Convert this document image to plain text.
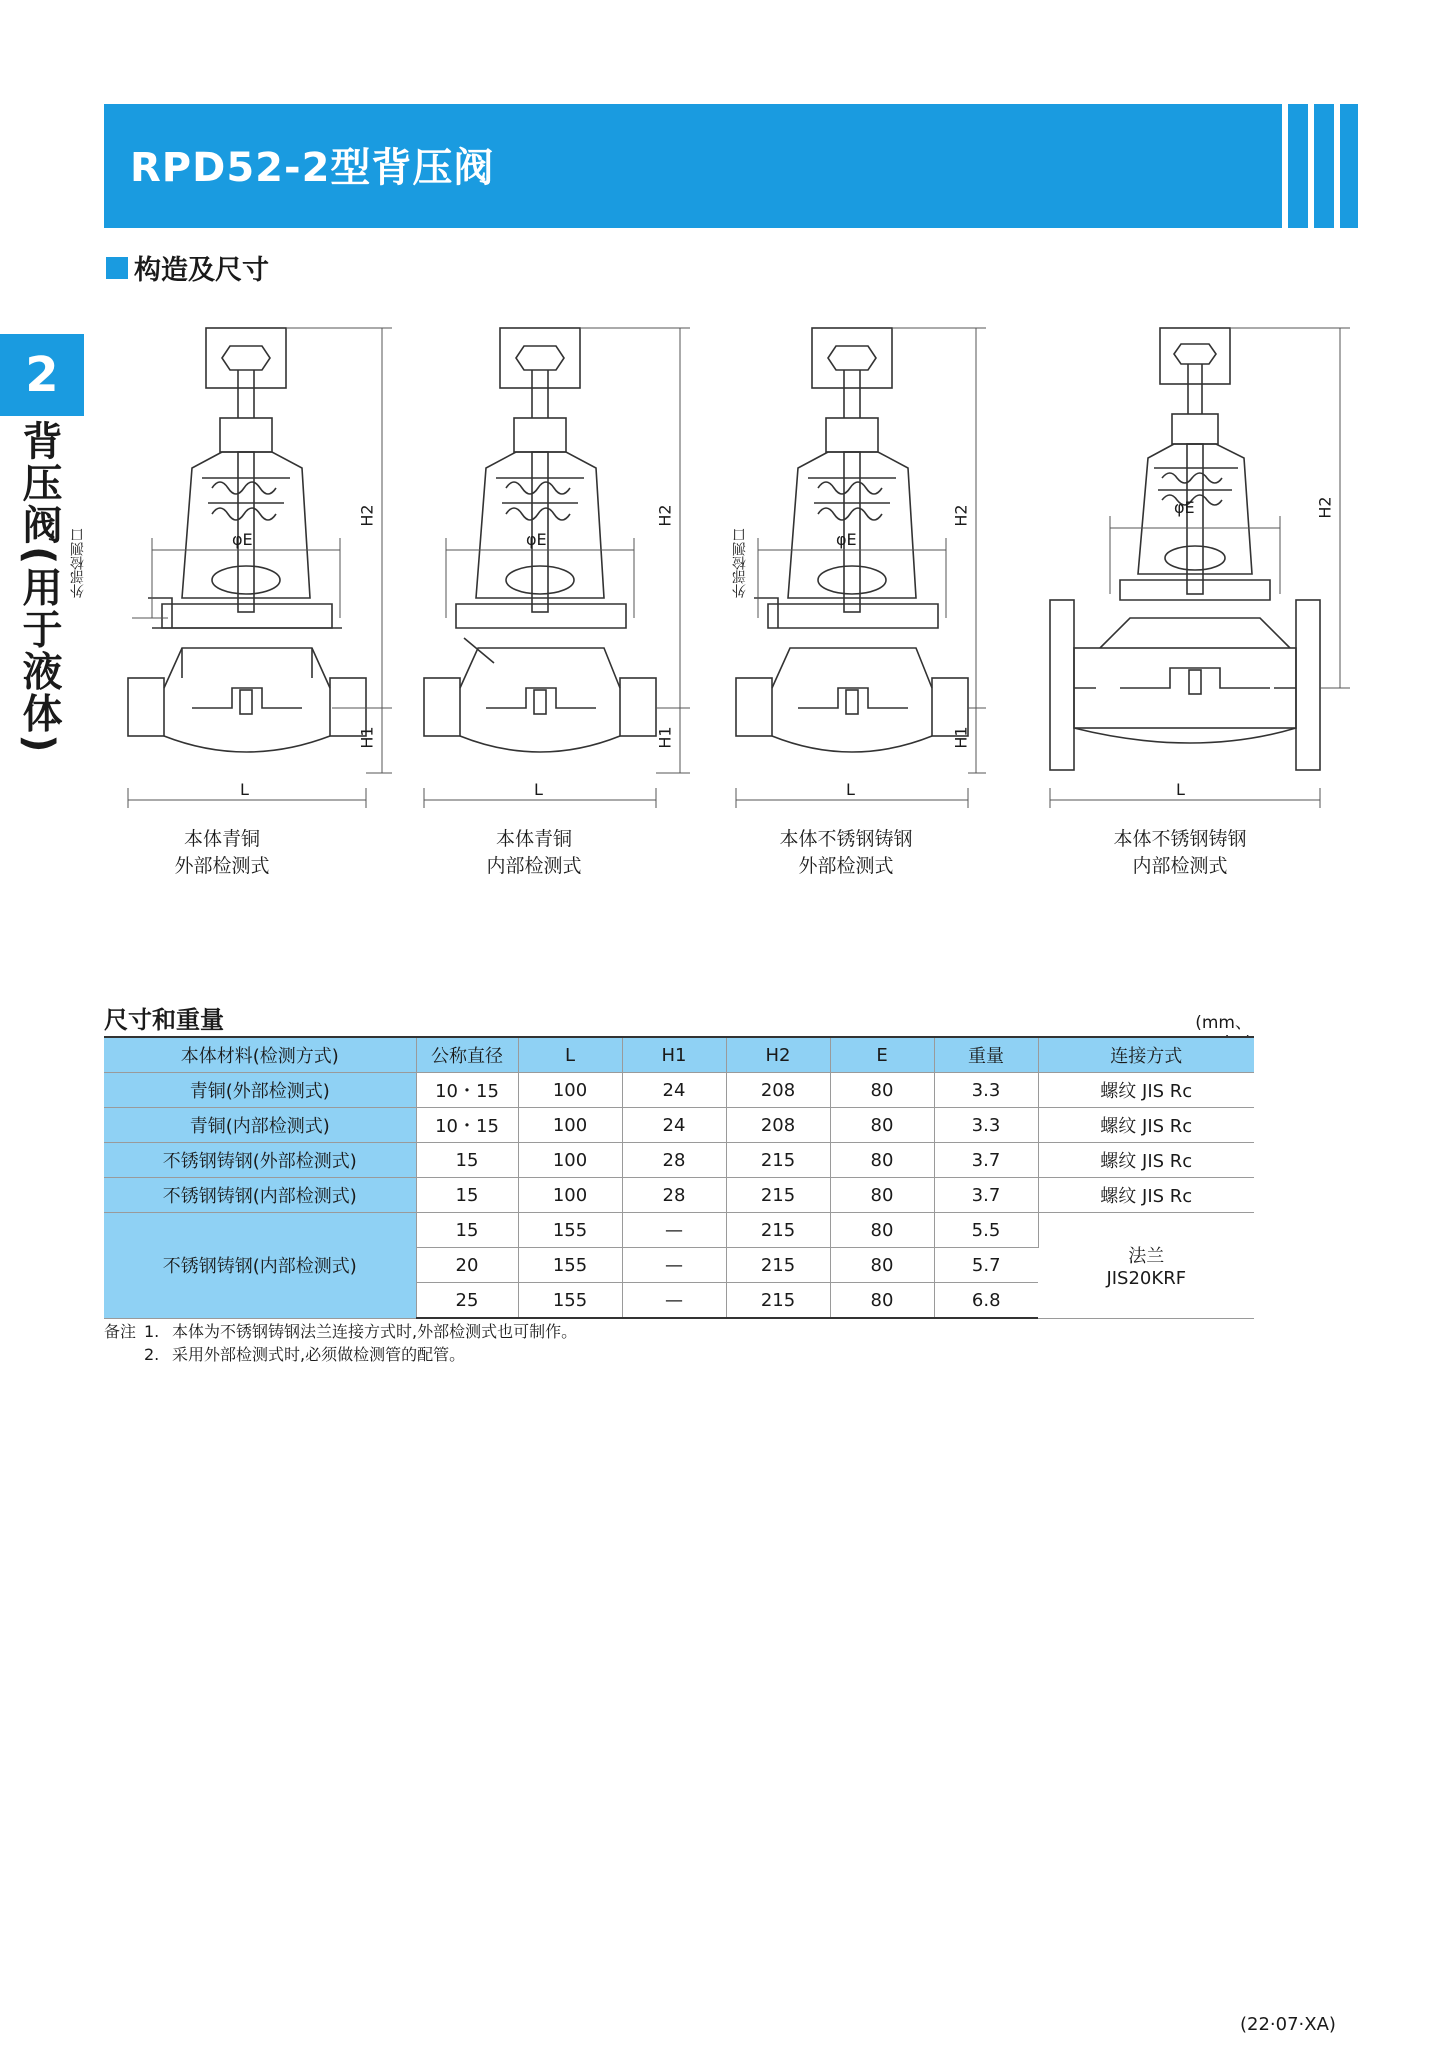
RPD52-2型背压阀
2
背压阀(用于液体)
构造及尺寸
φE
H2
H1
L
外部检测口
本体青铜
外部检测式
φE
H2
H1
L
本体青铜
内部检测式
φE
H2
H1
L
外部检测口
本体不锈钢铸钢
外部检测式
φE	H2
L
本体不锈钢铸钢
内部检测式
尺寸和重量	(mm、
本体材料(检测方式)	公称直径	L	H1	H2	E	重量	连接方式
青铜(外部检测式)	10・15	100	24	208	80	3.3	螺纹 JIS Rc
青铜(内部检测式)	10・15	100	24	208	80	3.3	螺纹 JIS Rc
不锈钢铸钢(外部检测式)	15	100	28	215	80	3.7	螺纹 JIS Rc
不锈钢铸钢(内部检测式)	15	100	28	215	80	3.7	螺纹 JIS Rc
不锈钢铸钢(内部检测式)	15	155	—	215	80	5.5	法兰
JIS20KRF

	20	155	—	215	80	5.7	
	25	155	—	215	80	6.8	
备注 1. 本体为不锈钢铸钢法兰连接方式时,外部检测式也可制作。
2. 采用外部检测式时,必须做检测管的配管。
(22·07·XA)
